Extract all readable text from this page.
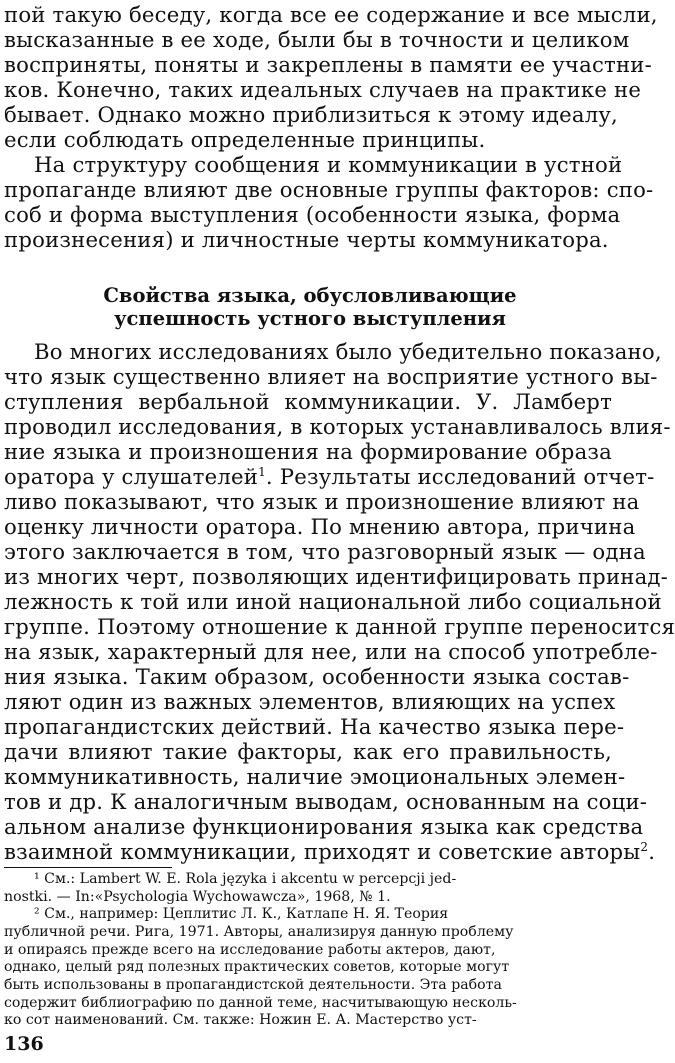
пой такую беседу, когда все ее содержание и все мысли,
высказанные в ее ходе, были бы в точности и целиком
восприняты, поняты и закреплены в памяти ее участни-
ков. Конечно, таких идеальных случаев на практике не
бывает. Однако можно приблизиться к этому идеалу,
если соблюдать определенные принципы.
На структуру сообщения и коммуникации в устной
пропаганде влияют две основные группы факторов: спо-
соб и форма выступления (особенности языка, форма
произнесения) и личностные черты коммуникатора.
Свойства языка, обусловливающие
успешность устного выступления
Во многих исследованиях было убедительно показано,
что язык существенно влияет на восприятие устного вы-
ступления вербальной коммуникации. У. Ламберт
проводил исследования, в которых устанавливалось влия-
ние языка и произношения на формирование образа
оратора у слушателей$^1$. Результаты исследований отчет-
ливо показывают, что язык и произношение влияют на
оценку личности оратора. По мнению автора, причина
этого заключается в том, что разговорный язык — одна
из многих черт, позволяющих идентифицировать принад-
лежность к той или иной национальной либо социальной
группе. Поэтому отношение к данной группе переносится
на язык, характерный для нее, или на способ употребле-
ния языка. Таким образом, особенности языка состав-
ляют один из важных элементов, влияющих на успех
пропагандистских действий. На качество языка пере-
дачи влияют такие факторы, как его правильность,
коммуникативность, наличие эмоциональных элемен-
тов и др. К аналогичным выводам, основанным на соци-
альном анализе функционирования языка как средства
взаимной коммуникации, приходят и советские авторы$^2$.
¹ См.: Lambert W. E. Rola języka i akcentu w percepcji jed-
nostki. — In:«Psychologia Wychowawcza», 1968, № 1.
² См., например: Цеплитис Л. К., Катлапе Н. Я. Теория
публичной речи. Рига, 1971. Авторы, анализируя данную проблему
и опираясь прежде всего на исследование работы актеров, дают,
однако, целый ряд полезных практических советов, которые могут
быть использованы в пропагандистской деятельности. Эта работа
содержит библиографию по данной теме, насчитывающую несколь-
ко сот наименований. См. также: Ножин Е. А. Мастерство уст-
136
